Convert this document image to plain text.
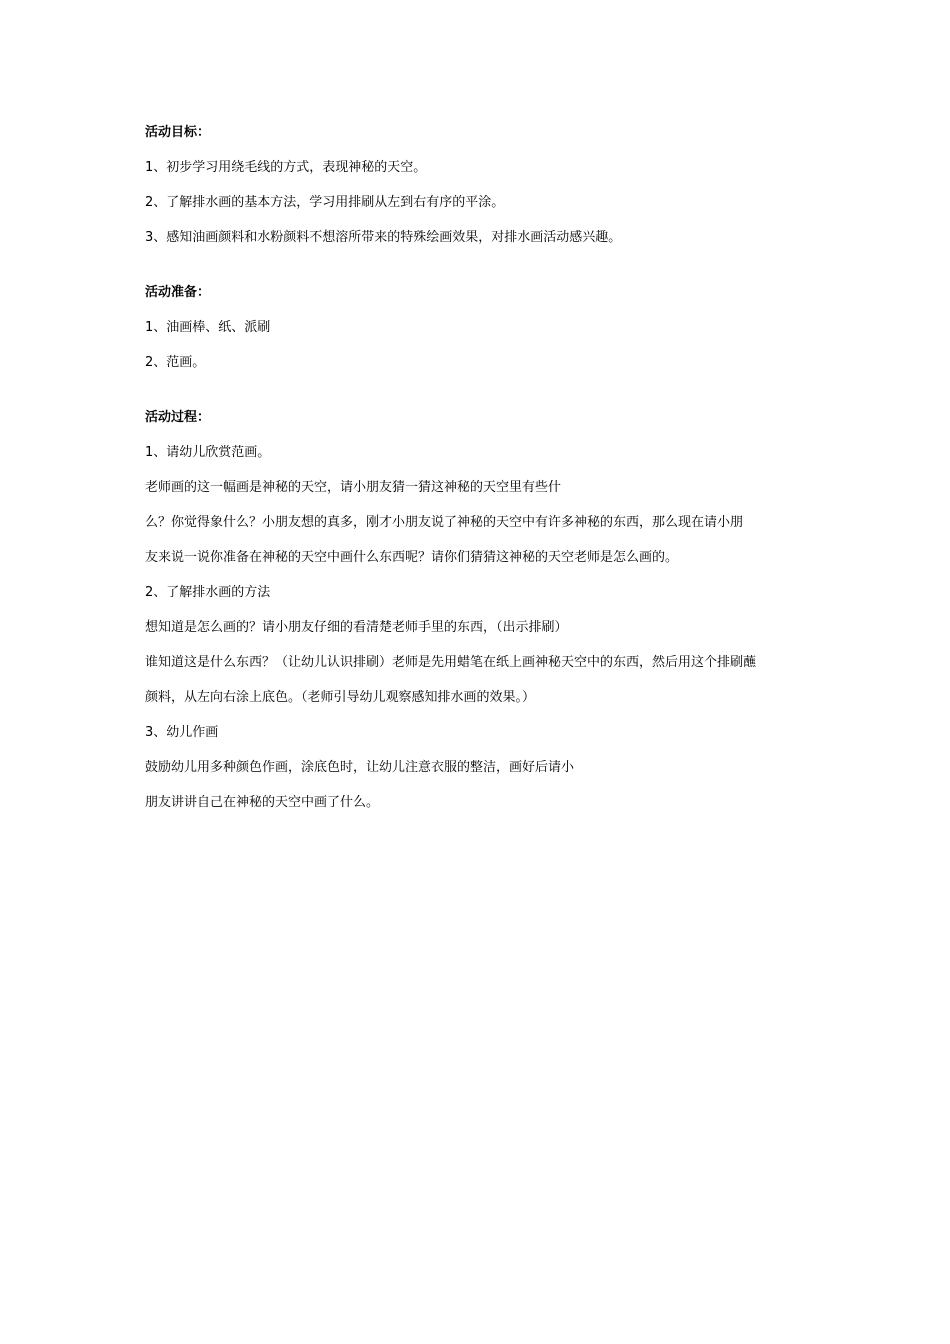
活动目标：

1、初步学习用绕毛线的方式，表现神秘的天空。

2、了解排水画的基本方法，学习用排刷从左到右有序的平涂。

3、感知油画颜料和水粉颜料不想溶所带来的特殊绘画效果，对排水画活动感兴趣。

活动准备：

1、油画棒、纸、派刷

2、范画。

活动过程：

1、请幼儿欣赏范画。

老师画的这一幅画是神秘的天空，请小朋友猜一猜这神秘的天空里有些什

么？你觉得象什么？小朋友想的真多，刚才小朋友说了神秘的天空中有许多神秘的东西，那么现在请小朋

友来说一说你准备在神秘的天空中画什么东西呢？请你们猜猜这神秘的天空老师是怎么画的。

2、了解排水画的方法

想知道是怎么画的？请小朋友仔细的看清楚老师手里的东西，（出示排刷）

谁知道这是什么东西？（让幼儿认识排刷）老师是先用蜡笔在纸上画神秘天空中的东西，然后用这个排刷蘸

颜料，从左向右涂上底色。（老师引导幼儿观察感知排水画的效果。）

3、幼儿作画

鼓励幼儿用多种颜色作画，涂底色时，让幼儿注意衣服的整洁，画好后请小

朋友讲讲自己在神秘的天空中画了什么。
